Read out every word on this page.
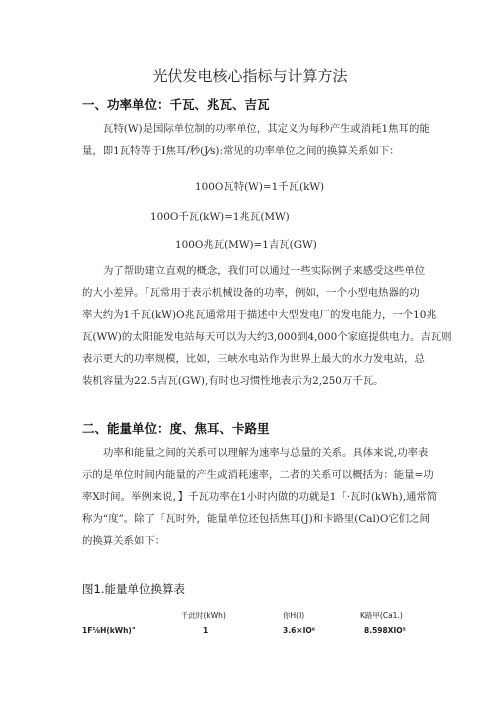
光伏发电核心指标与计算方法
一、功率单位：千瓦、兆瓦、吉瓦
瓦特(W)是国际单位制的功率单位，其定义为每秒产生或消耗1焦耳的能
量，即1瓦特等于I焦耳/秒(J⁄s):常见的功率单位之间的换算关系如下：
100O瓦特(W)=1千瓦(kW)
100O千瓦(kW)=1兆瓦(MW)
100O兆瓦(MW)=1吉瓦(GW)
为了帮助建立直观的概念，我们可以通过一些实际例子来感受这些单位
的大小差异。「瓦常用于表示机械设备的功率，例如，一个小型电热器的功
率大约为1千瓦(kW)O兆瓦通常用于描述中大型发电厂的发电能力，一个10兆
瓦(WW)的太阳能发电站每天可以为大约3,000到4,000个家庭提供电力。吉瓦则
表示更大的功率规模，比如，三峡水电站作为世界上最大的水力发电站，总
装机容量为22.5吉瓦(GW),有时也习惯性地表示为2,250万千瓦。
二、能量单位：度、焦耳、卡路里
功率和能量之间的关系可以理解为速率与总量的关系。具体来说,功率表
示的是单位时间内能量的产生或消耗速率，二者的关系可以概括为：能量=功
率X时间。举例来说，】千瓦功率在1小时内做的功就是1「·瓦时(kWh),通常简
称为“度”。除了「瓦时外，能量单位还包括焦耳(J)和卡路里(Cal)O它们之间
的换算关系如下：
图1.能量单位换算表
千此时(kWh)	你H(I)	K路甲(Ca1.)
1F⅛H(kWh)"	1	3.6×IO⁶	8.598XIO⁵
